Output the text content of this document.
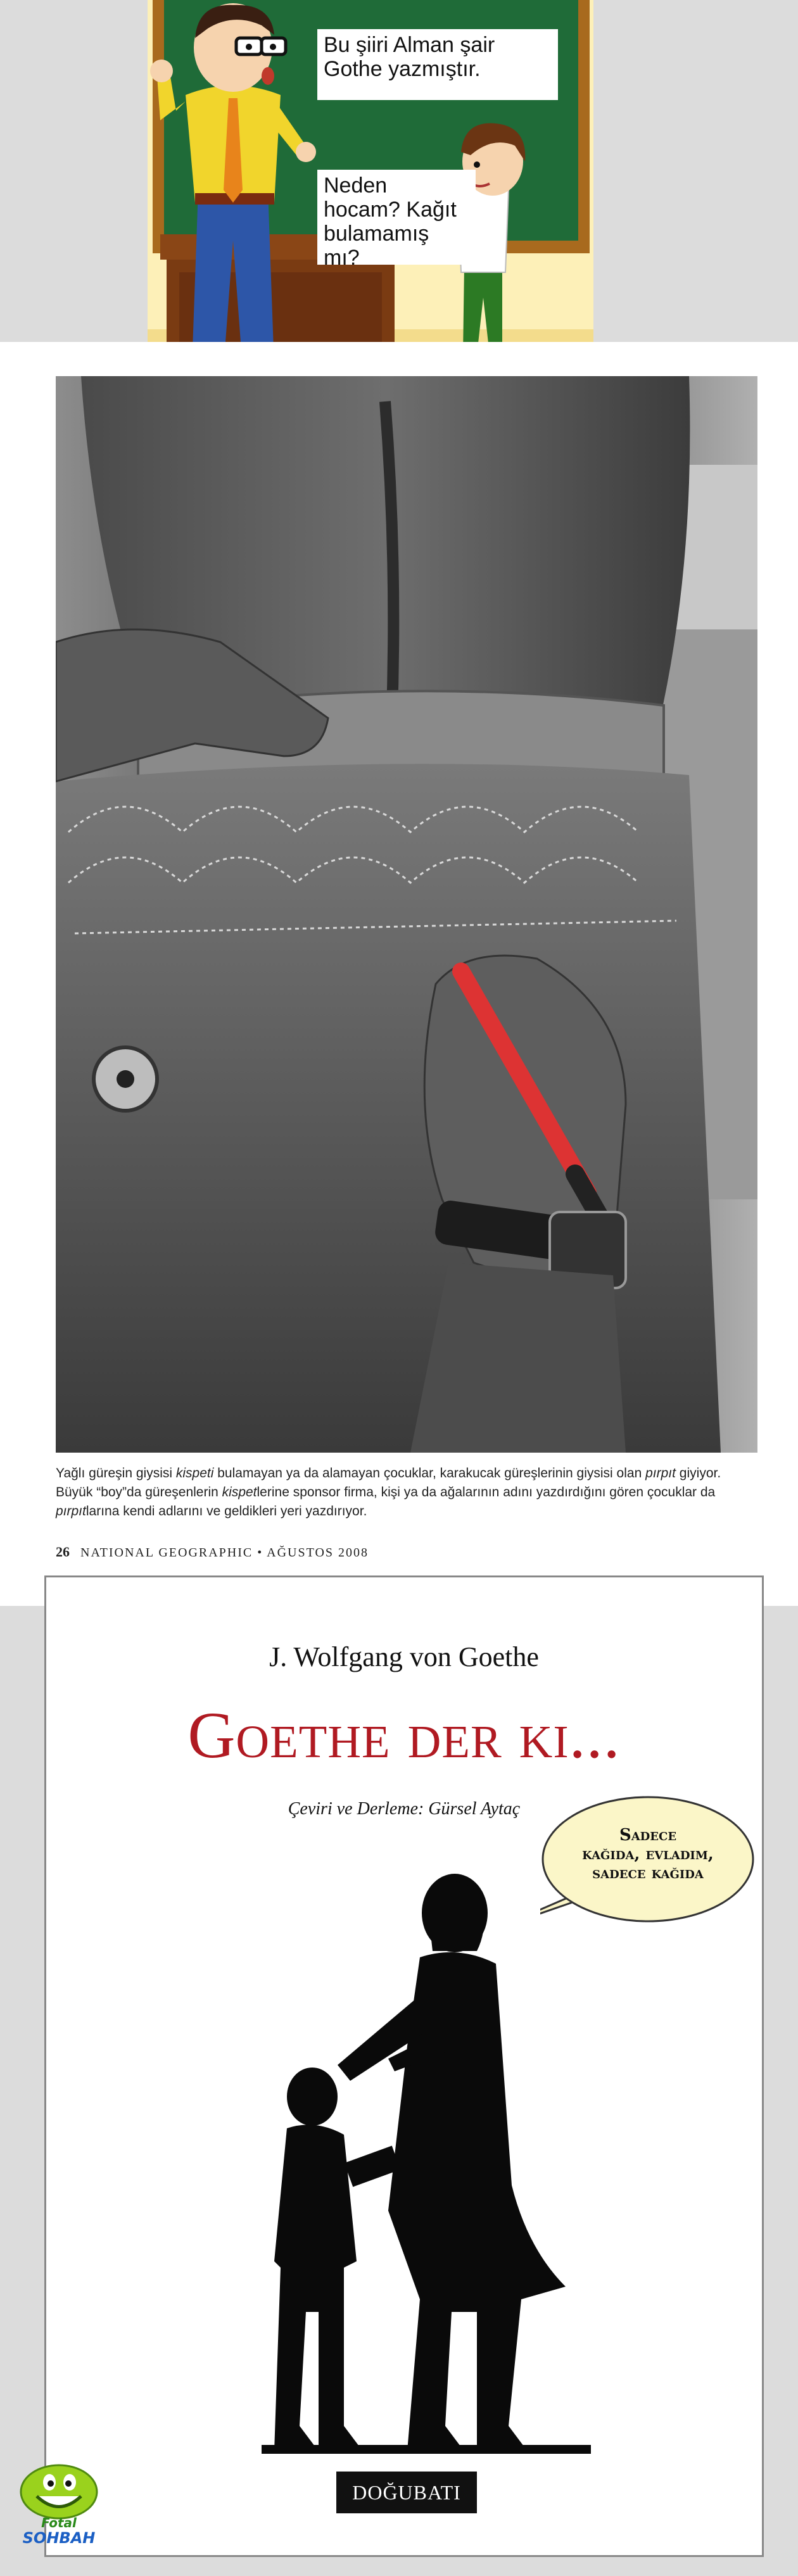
Bu şiiri Alman şair Gothe yazmıştır.
Neden hocam? Kağıt bulamamış mı?
Yağlı güreşin giysisi kispeti bulamayan ya da alamayan çocuklar, karakucak güreşlerinin giysisi olan pırpıt giyiyor. Büyük “boy”da güreşenlerin kispetlerine sponsor firma, kişi ya da ağalarının adını yazdırdığını gören çocuklar da pırpıtlarına kendi adlarını ve geldikleri yeri yazdırıyor.
26 NATIONAL GEOGRAPHIC • AĞUSTOS 2008
J. Wolfgang von Goethe
Goethe der ki...
Çeviri ve Derleme: Gürsel Aytaç
Sadece
kağıda, evladım,
sadece kağıda
DOĞUBATI
Fotal
SOHBAH
